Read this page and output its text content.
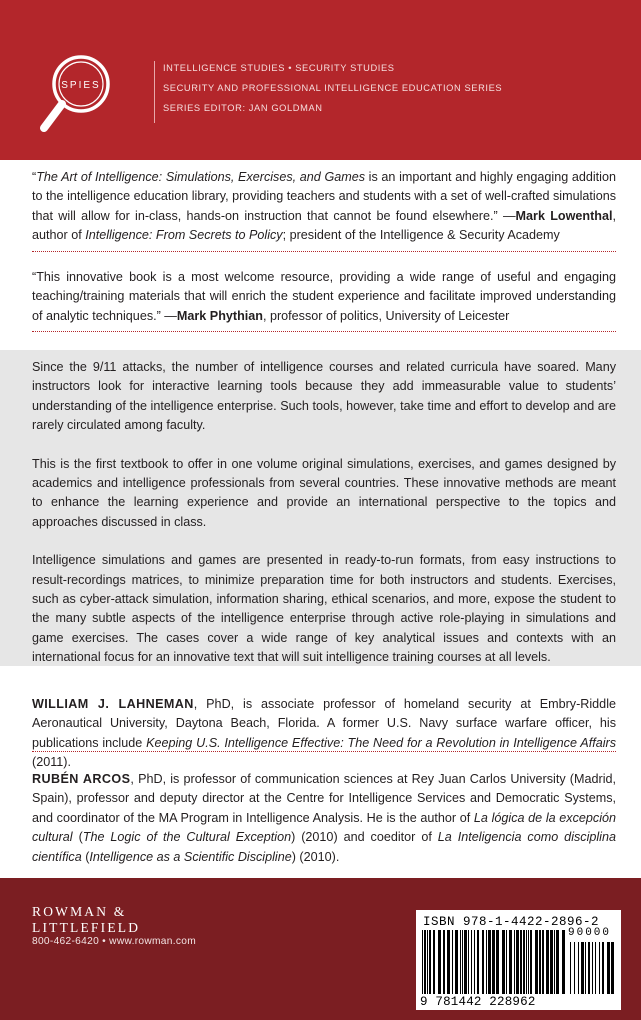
SPIES
INTELLIGENCE STUDIES • SECURITY STUDIES
SECURITY AND PROFESSIONAL INTELLIGENCE EDUCATION SERIES
SERIES EDITOR: JAN GOLDMAN

“The Art of Intelligence: Simulations, Exercises, and Games is an important and highly engaging addition to the intelligence education library, providing teachers and students with a set of well-crafted simulations that will allow for in-class, hands-on instruction that cannot be found elsewhere.” —Mark Lowenthal, author of Intelligence: From Secrets to Policy; president of the Intelligence & Security Academy

“This innovative book is a most welcome resource, providing a wide range of useful and engaging teaching/training materials that will enrich the student experience and facilitate improved understanding of analytic techniques.” —Mark Phythian, professor of politics, University of Leicester

Since the 9/11 attacks, the number of intelligence courses and related curricula have soared. Many instructors look for interactive learning tools because they add immeasurable value to students’ understanding of the intelligence enterprise. Such tools, however, take time and effort to develop and are rarely circulated among faculty.

This is the first textbook to offer in one volume original simulations, exercises, and games designed by academics and intelligence professionals from several countries. These innovative methods are meant to enhance the learning experience and provide an international perspective to the topics and approaches discussed in class.

Intelligence simulations and games are presented in ready-to-run formats, from easy instructions to result-recordings matrices, to minimize preparation time for both instructors and students. Exercises, such as cyber-attack simulation, information sharing, ethical scenarios, and more, expose the student to the many subtle aspects of the intelligence enterprise through active role-playing in simulations and game exercises. The cases cover a wide range of key analytical issues and contexts with an international focus for an innovative text that will suit intelligence training courses at all levels.

WILLIAM J. LAHNEMAN, PhD, is associate professor of homeland security at Embry-Riddle Aeronautical University, Daytona Beach, Florida. A former U.S. Navy surface warfare officer, his publications include Keeping U.S. Intelligence Effective: The Need for a Revolution in Intelligence Affairs (2011).

RUBÉN ARCOS, PhD, is professor of communication sciences at Rey Juan Carlos University (Madrid, Spain), professor and deputy director at the Centre for Intelligence Services and Democratic Systems, and coordinator of the MA Program in Intelligence Analysis. He is the author of La lógica de la excepción cultural (The Logic of the Cultural Exception) (2010) and coeditor of La Inteligencia como disciplina científica (Intelligence as a Scientific Discipline) (2010).

ROWMAN &
LITTLEFIELD
800-462-6420 • www.rowman.com
ISBN 978-1-4422-2896-2
90000
9 781442 228962
